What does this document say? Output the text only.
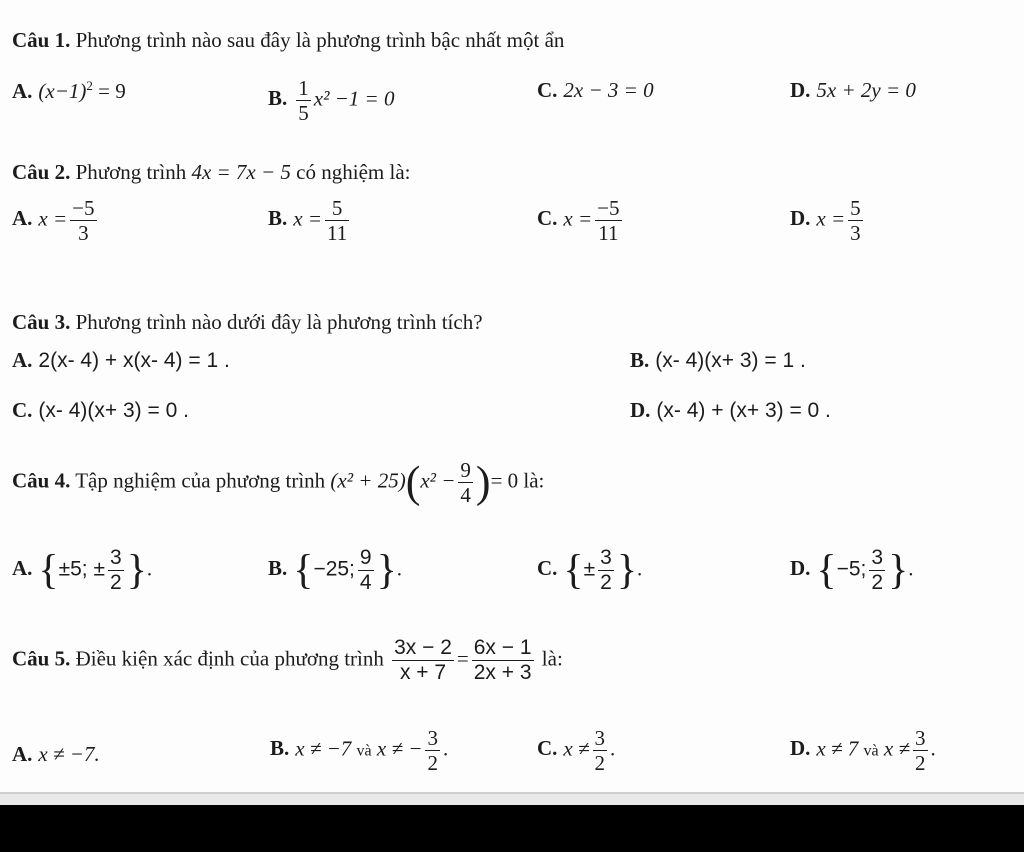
Câu 1. Phương trình nào sau đây là phương trình bậc nhất một ẩn
A. $(x-1)^2 = 9$	B. $\frac{1}{5} x^2 -1 = 0$	C. 2x − 3 = 0	D. 5x + 2y = 0
Câu 2. Phương trình 4x = 7x − 5 có nghiệm là:
A. $x = \frac{-5}{3}$	B. $x = \frac{5}{11}$	C. $x = \frac{-5}{11}$	D. $x = \frac{5}{3}$
Câu 3. Phương trình nào dưới đây là phương trình tích?
A. 2(x- 4) + x(x- 4) = 1 .	B. (x- 4)(x+ 3) = 1 .
C. (x- 4)(x+ 3) = 0 .	D. (x- 4) + (x+ 3) = 0 .
Câu 4. Tập nghiệm của phương trình $(x^2 + 25)(x^2 - \frac{9}{4}$ )= 0 là:
A. {±5; ± $\frac{3}{2}$ }.	B. {−25; $\frac{9}{4}$ }.	C. {± $\frac{3}{2}$ }.	D. {−5; $\frac{3}{2}$ }.
Câu 5. Điều kiện xác định của phương trình $\frac{3x - 2}{x + 7} = \frac{6x - 1}{2x + 3}$ là:
A. x ≠ −7.	B. x ≠ −7 và x ≠ − $\frac{3}{2}$ .	C. $x \ne \frac{3}{2}$ .	D. x ≠ 7 và $x \ne \frac{3}{2}$ .
